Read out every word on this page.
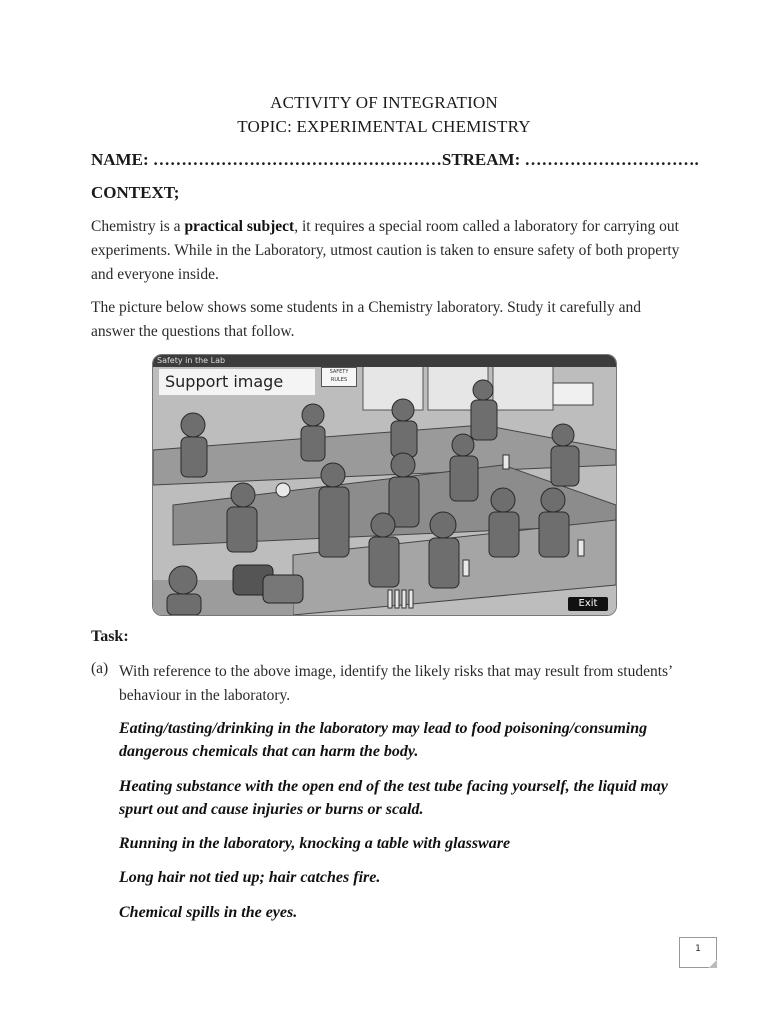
ACTIVITY OF INTEGRATION
TOPIC: EXPERIMENTAL CHEMISTRY
NAME: ……………………………………………STREAM: ………………………….
CONTEXT;
Chemistry is a practical subject, it requires a special room called a laboratory for carrying out experiments. While in the Laboratory, utmost caution is taken to ensure safety of both property and everyone inside.
The picture below shows some students in a Chemistry laboratory. Study it carefully and answer the questions that follow.
Safety in the Lab
SAFETY RULES
Support image
Exit
Task:
(a) With reference to the above image, identify the likely risks that may result from students’ behaviour in the laboratory.
Eating/tasting/drinking in the laboratory may lead to food poisoning/consuming dangerous chemicals that can harm the body.
Heating substance with the open end of the test tube facing yourself, the liquid may spurt out and cause injuries or burns or scald.
Running in the laboratory, knocking a table with glassware
Long hair not tied up; hair catches fire.
Chemical spills in the eyes.
1
